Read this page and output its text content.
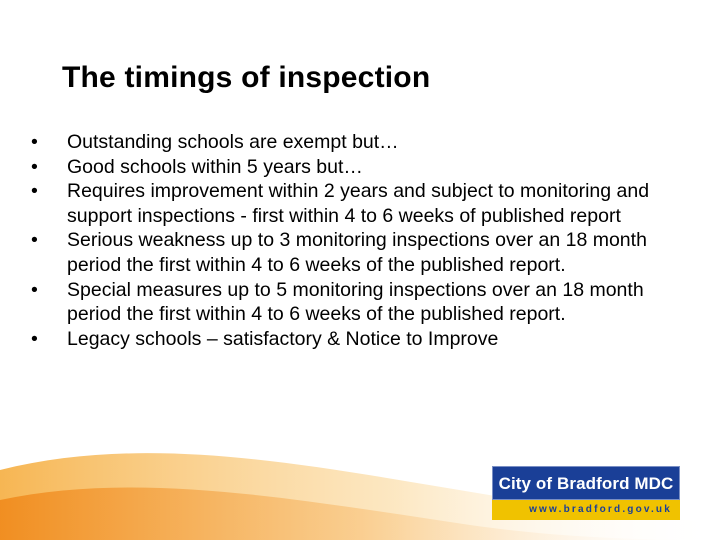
The timings of inspection
• Outstanding schools are exempt but…
• Good schools within 5 years but…
• Requires improvement within 2 years and subject to monitoring and support inspections - first within 4 to 6 weeks of published report
• Serious weakness up to 3 monitoring inspections over an 18 month period the first within 4 to 6 weeks of the published report.
• Special measures up to 5 monitoring inspections over an 18 month period the first within 4 to 6 weeks of the published report.
• Legacy schools – satisfactory & Notice to Improve
City of Bradford MDC
www.bradford.gov.uk
